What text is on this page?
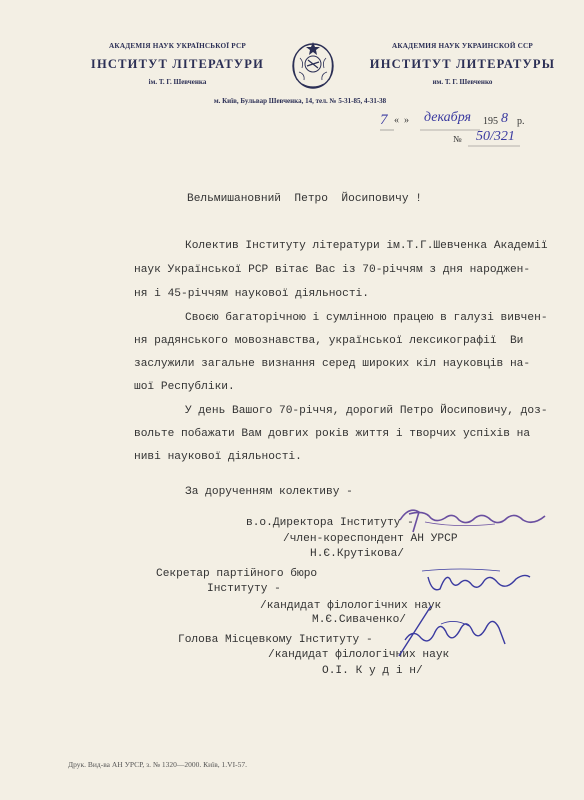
АКАДЕМІЯ НАУК УКРАЇНСЬКОЇ РСР
ІНСТИТУТ ЛІТЕРАТУРИ
ім. Т. Г. Шевченка
АКАДЕМИЯ НАУК УКРАИНСКОЙ ССР
ИНСТИТУТ ЛИТЕРАТУРЫ
им. Т. Г. Шевченко
м. Київ, Бульвар Шевченка, 14, тел. № 5-31-85, 4-31-38
7 « » декабря 195 8 р.
№ 50/321
Вельмишановний  Петро  Йосиповичу !
Колектив Інституту літератури ім.Т.Г.Шевченка Академії
наук Української РСР вітає Вас із 70-річчям з дня народжен-
ня і 45-річчям наукової діяльності.
Своєю багаторічною і сумлінною працею в галузі вивчен-
ня радянського мовознавства, української лексикографії  Ви
заслужили загальне визнання серед широких кіл науковців на-
шої Республіки.
У день Вашого 70-річчя, дорогий Петро Йосиповичу, доз-
вольте побажати Вам довгих років життя і творчих успіхів на
ниві наукової діяльності.
За дорученням колективу -
в.о.Директора Інституту -
/член-кореспондент АН УРСР
Н.Є.Крутікова/
Секретар партійного бюро
Інституту -
/кандидат філологічних наук
М.Є.Сиваченко/
Голова Місцевкому Інституту -
/кандидат філологічних наук
О.І. К у д і н/
Друк. Вид-ва АН УРСР, з. № 1320—2000. Київ, 1.VI-57.
